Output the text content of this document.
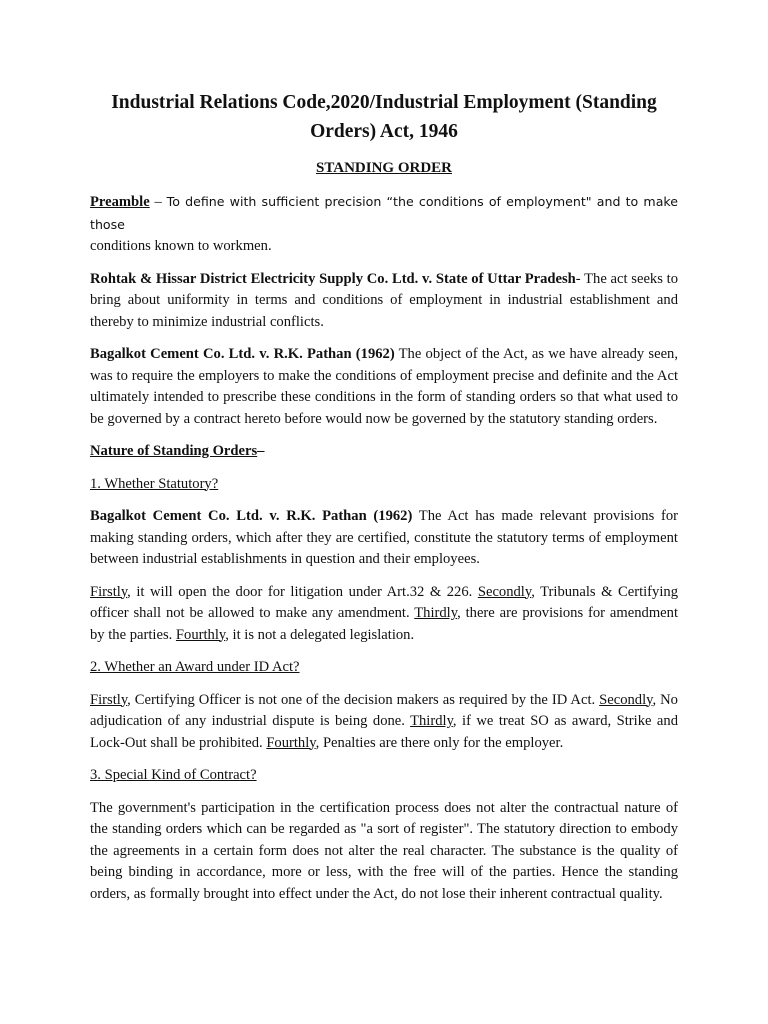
Industrial Relations Code,2020/Industrial Employment (Standing Orders) Act, 1946
STANDING ORDER

Preamble – To define with sufficient precision “the conditions of employment" and to make those
conditions known to workmen.

Rohtak & Hissar District Electricity Supply Co. Ltd. v. State of Uttar Pradesh- The act seeks to bring about uniformity in terms and conditions of employment in industrial establishment and thereby to minimize industrial conflicts.

Bagalkot Cement Co. Ltd. v. R.K. Pathan (1962) The object of the Act, as we have already seen, was to require the employers to make the conditions of employment precise and definite and the Act ultimately intended to prescribe these conditions in the form of standing orders so that what used to be governed by a contract hereto before would now be governed by the statutory standing orders.

Nature of Standing Orders–

1. Whether Statutory?

Bagalkot Cement Co. Ltd. v. R.K. Pathan (1962) The Act has made relevant provisions for making standing orders, which after they are certified, constitute the statutory terms of employment between industrial establishments in question and their employees.

Firstly, it will open the door for litigation under Art.32 & 226. Secondly, Tribunals & Certifying officer shall not be allowed to make any amendment. Thirdly, there are provisions for amendment by the parties. Fourthly, it is not a delegated legislation.

2. Whether an Award under ID Act?

Firstly, Certifying Officer is not one of the decision makers as required by the ID Act. Secondly, No adjudication of any industrial dispute is being done. Thirdly, if we treat SO as award, Strike and Lock-Out shall be prohibited. Fourthly, Penalties are there only for the employer.

3. Special Kind of Contract?

The government's participation in the certification process does not alter the contractual nature of the standing orders which can be regarded as "a sort of register". The statutory direction to embody the agreements in a certain form does not alter the real character. The substance is the quality of being binding in accordance, more or less, with the free will of the parties. Hence the standing orders, as formally brought into effect under the Act, do not lose their inherent contractual quality.
